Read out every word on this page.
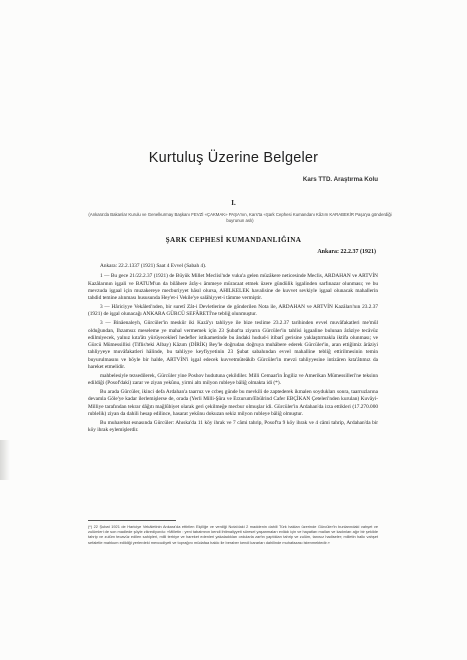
Kurtuluş Üzerine Belgeler
Kars TTD. Araştırma Kolu
I.
(Ankara'da Bakanlar Kurulu ve Genelkurmay Başkanı FEVZİ «ÇAKMAK» PAŞA'nın, Kars'ta «Şark Cephesi Kumandanı Kâzım KARABEKİR Paşa'ya gönderdiği buyrunun aslı)
ŞARK CEPHESİ KUMANDANLIĞINA
Ankara: 22.2.37 (1921)

Ankara: 22.2.1337 (1921) Saat 4 Evvel (Sabah 4).

1 — Bu gece 21/22.2.37 (1921) de Büyük Millet Meclisi'nde vuku'a gelen müzâkere neticesinde Meclis, ARDAHAN ve ARTVİN Kazâlarının işgali ve BATUM'un da bilâhere ârây-ı âmmeye müracaat etmek üzere gündülik işgalinden sarfınazar olunması; ve bu mevzuda işgaal için muzakereye mecburiyyet hâsıl olursa, AHILKELEK havalisine de kuvvet sevkiyle işgaal olunacak mahallerin tahdid temine alınması hususunda Hey'et-i Vekile'ye salâhiyyet-i tâmme vermiştir.

3 — Hâriciyye Vekâleti'nden, bir suretî Zât-i Devletlerine de gönderilen Nota ile, ARDAHAN ve ARTVİN Kazâları'nın 23.2.37 (1921) de işgal olunacağı ANKARA GÜRCÜ SEFÂRETİ'ne tebliğ olunmuştur.

3 — Binâenaleyh, Gürcüler'in meskûr iki Kazâ'yı tahliyye ile bize teslime 23.2.37 tarihinden evvel muvâfakatleri me'mûl olduğundan, Ihzamsız meseleme ye mahal vermemek için 23 Şubat'ta ziyarın Gürcüler'in tahlisi işgaaline bulunan ârâziye tecâvüz edilmiyecek, yalnız kıta'âtı yürüyeceklerî hedefler istikametinde bu ândaki hudud-i itibarî gerisine yaklaştırmakla iktifa olunması; ve Gürcü Mümessillisi (Tiflis'teki Albay) Kâzım (DİRİK) Bey'le doğrudan doğruya muhâbere ederek Gürcüler'in, aran ettiğimiz ârâziyi tahliyyeye muvâfakatleri hâlinde, bu tahliyye keyfiyyetinin 23 Şubat sabahından evvel mahalline tebliğ ettirilmesinin temin buyurulmasını ve böyle bir halde, ARTVİN'i işgal edecek kuvvetmüteâkib Gürcüler'in mevzi tahliyyesine intizâren kıta'âtımız da hareket etmelidir.

mahbelesiyle tezsedilerek, Gürcüler yine Poshov hudutuna çekildiler. Milli Cemaat'in İngiliz ve Amerikan Mümessilleri'ne teksinn edildiği (Posof'daki) zarar ve ziyan yekûnu, yirmi altı milyon rubleye bâliğ olmakta idi (*).

Bu arada Gürcüler, ikinci defa Ardahan'a taarruz ve ccbeş günde bu mevkili de zaptederek ikmalen soydukları sonra, taarruzlarına devamla Göle'ye kadar ilerlemişlerse de, orada (Yerli Milli-Şûra ve Erzurum/Ebülrind Cafer EBÇİKAN Çeteleri'nden kurulan) Kuvâyi-Milliye tarafından tekrar dâğıtı mağlûbiyet olarak geri çekilmeğe mecbur olmuşlar idi. Gürcüler'in Ardahan'da irza ettikleri (17.270.000 rublelik) ziyan da dahili hesap edilince, hasarat yekûnu dokuzan sekiz milyon rubleye bâliğ olmuştur.

Bu muharebat esnasında Gürcüler: Ahıska'da 11 köy ihrak ve 7 câmi tahrip, Posof'ta 9 köy ihrak ve 4 câmi tahrip, Ardahan'da bir köy ihrak eylemişlerdir.

(*) 22 Şubat 1921 de Hariciye Vekâletinin Ankara'da ettirilen Elçiliğe ve verdiği Nota'daki 2 maddenin dahili Türk hakları üzerinde Gürcüler'in bunlarındaki vahşet ve zulümleri de son madlede şöyle zikrediyordu: «Milletin : yeni tabatmnın kendi ihtimaliyyeti süresel yaşanmaları evlâdı için ve hayatları malları ve kadınları ağır bir şekilde tahrip ve zulüm tecavüz edilen sahipleri, milli terbiye ve hareket edenleri yakaladıkları ordularla zarfın yaptıkları tahrip ve zulüm, tanısız hadiseler; milletin halkı vahşet sefaletle mahkum edildiği yerlerdeki mevcudiyeti ve toprağını müdafaa hakkı ile beraber kendi kararları dahilinde muhafazası istenmektedir.»
